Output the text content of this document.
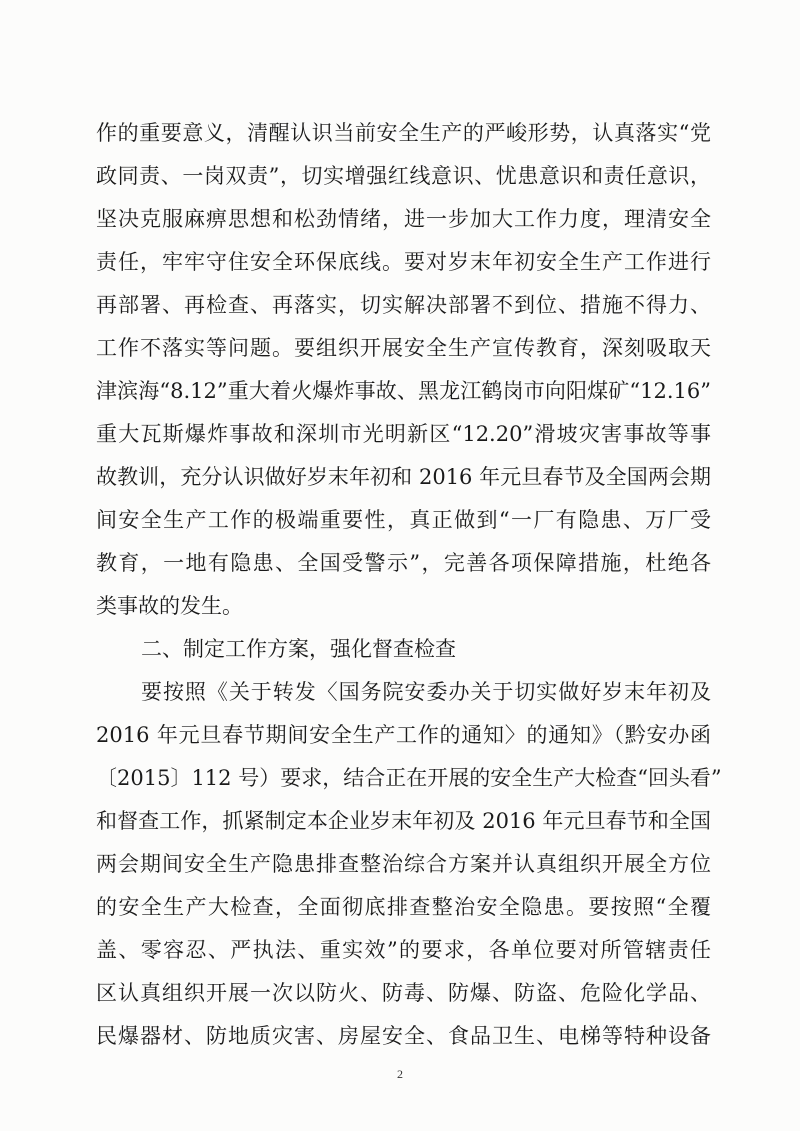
作的重要意义，清醒认识当前安全生产的严峻形势，认真落实“党
政同责、一岗双责”，切实增强红线意识、忧患意识和责任意识，
坚决克服麻痹思想和松劲情绪，进一步加大工作力度，理清安全
责任，牢牢守住安全环保底线。要对岁末年初安全生产工作进行
再部署、再检查、再落实，切实解决部署不到位、措施不得力、
工作不落实等问题。要组织开展安全生产宣传教育，深刻吸取天
津滨海“8.12”重大着火爆炸事故、黑龙江鹤岗市向阳煤矿“12.16”
重大瓦斯爆炸事故和深圳市光明新区“12.20”滑坡灾害事故等事
故教训，充分认识做好岁末年初和 2016 年元旦春节及全国两会期
间安全生产工作的极端重要性，真正做到“一厂有隐患、万厂受
教育，一地有隐患、全国受警示”，完善各项保障措施，杜绝各
类事故的发生。
二、制定工作方案，强化督查检查
要按照《关于转发〈国务院安委办关于切实做好岁末年初及
2016 年元旦春节期间安全生产工作的通知〉的通知》（黔安办函
〔2015〕112 号）要求，结合正在开展的安全生产大检查“回头看”
和督查工作，抓紧制定本企业岁末年初及 2016 年元旦春节和全国
两会期间安全生产隐患排查整治综合方案并认真组织开展全方位
的安全生产大检查，全面彻底排查整治安全隐患。要按照“全覆
盖、零容忍、严执法、重实效”的要求，各单位要对所管辖责任
区认真组织开展一次以防火、防毒、防爆、防盗、危险化学品、
民爆器材、防地质灾害、房屋安全、食品卫生、电梯等特种设备
2
